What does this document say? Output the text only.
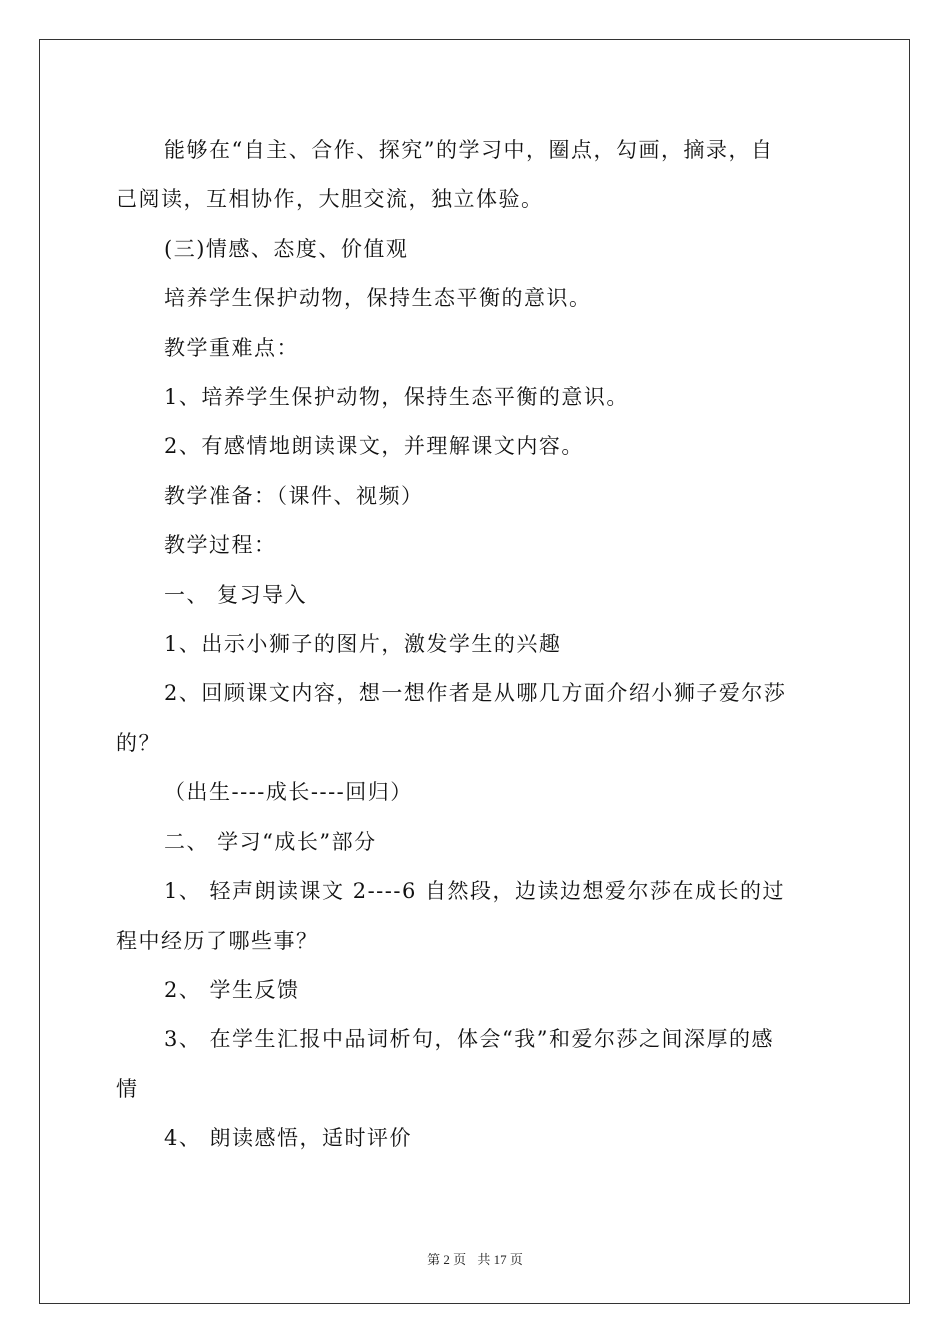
能够在“自主、合作、探究”的学习中，圈点，勾画，摘录，自

己阅读，互相协作，大胆交流，独立体验。

(三)情感、态度、价值观

培养学生保护动物，保持生态平衡的意识。

教学重难点：

1、培养学生保护动物，保持生态平衡的意识。

2、有感情地朗读课文，并理解课文内容。

教学准备：（课件、视频）

教学过程：

一、 复习导入

1、出示小狮子的图片，激发学生的兴趣

2、回顾课文内容，想一想作者是从哪几方面介绍小狮子爱尔莎

的？

（出生----成长----回归）

二、 学习“成长”部分

1、 轻声朗读课文 2----6 自然段，边读边想爱尔莎在成长的过

程中经历了哪些事？

2、 学生反馈

3、 在学生汇报中品词析句，体会“我”和爱尔莎之间深厚的感

情

4、 朗读感悟，适时评价

第 2 页 共 17 页
